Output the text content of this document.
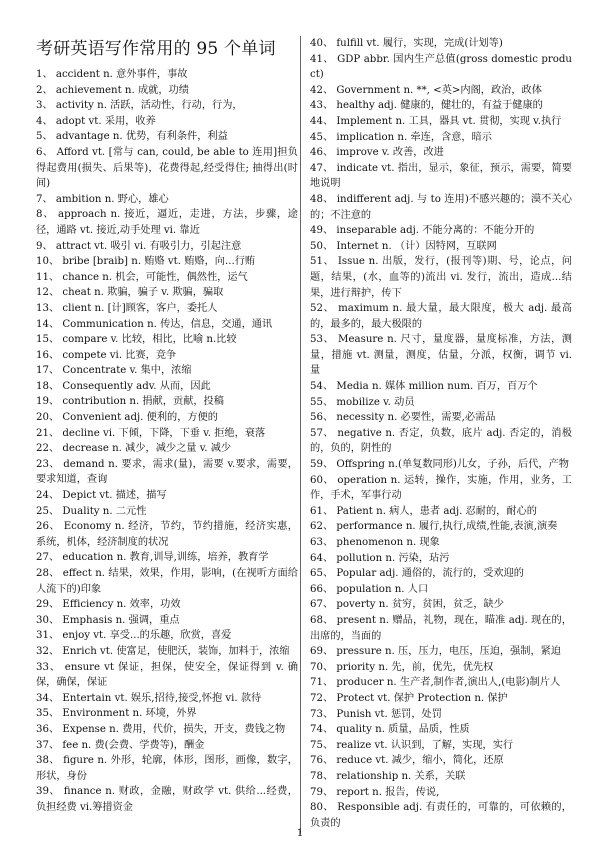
考研英语写作常用的 95 个单词

1、 accident n. 意外事件，事故

2、 achievement n. 成就，功绩

3、 activity n. 活跃，活动性，行动，行为，

4、 adopt vt. 采用，收养

5、 advantage n. 优势，有利条件，利益

6、 Afford vt. [常与 can, could, be able to 连用]担负得起费用(损失、后果等)，花费得起,经受得住; 抽得出(时间)

7、 ambition n. 野心，雄心

8、 approach n. 接近，逼近，走进，方法，步骤，途径，通路 vt. 接近,动手处理 vi. 靠近

9、 attract vt. 吸引 vi. 有吸引力，引起注意

10、 bribe [braib] n. 贿赂 vt. 贿赂，向...行贿

11、 chance n. 机会，可能性，偶然性，运气

12、 cheat n. 欺骗，骗子 v. 欺骗，骗取

13、 client n. [计]顾客，客户，委托人

14、 Communication n. 传达，信息，交通，通讯

15、 compare v. 比较，相比，比喻 n.比较

16、 compete vi. 比赛，竞争

17、 Concentrate v. 集中，浓缩

18、 Consequently adv. 从而，因此

19、 contribution n. 捐献，贡献，投稿

20、 Convenient adj. 便利的，方便的

21、 decline vi. 下倾，下降，下垂 v. 拒绝，衰落

22、 decrease n. 减少，减少之量 v. 减少

23、 demand n. 要求，需求(量)，需要 v.要求，需要，要求知道，查询

24、 Depict vt. 描述，描写

25、 Duality n. 二元性

26、 Economy n. 经济，节约，节约措施，经济实惠，系统，机体，经济制度的状况

27、 education n. 教育,训导,训练，培养，教育学

28、 effect n. 结果，效果，作用，影响，(在视听方面给人流下的)印象

29、 Efficiency n. 效率，功效

30、 Emphasis n. 强调，重点

31、 enjoy vt. 享受...的乐趣，欣赏，喜爱

32、 Enrich vt. 使富足，使肥沃，装饰，加料于，浓缩

33、 ensure vt 保证，担保，使安全，保证得到 v. 确保，确保，保证

34、 Entertain vt. 娱乐,招待,接受,怀抱 vi. 款待

35、 Environment n. 环境，外界

36、 Expense n. 费用，代价，损失，开支，费钱之物

37、 fee n. 费(会费、学费等)，酬金

38、 figure n. 外形，轮廓，体形，图形，画像，数字，形状，身份

39、 finance n. 财政，金融，财政学 vt. 供给...经费，负担经费 vi.筹措资金

40、 fulfill vt. 履行，实现，完成(计划等)

41、 GDP abbr. 国内生产总值(gross domestic product)

42、 Government n. **, <英>内阁，政治，政体

43、 healthy adj. 健康的，健壮的，有益于健康的

44、 Implement n. 工具，器具 vt. 贯彻，实现 v.执行

45、 implication n. 牵连，含意，暗示

46、 improve v. 改善，改进

47、 indicate vt. 指出，显示，象征，预示，需要，简要地说明

48、 indifferent adj. 与 to 连用)不感兴趣的；漠不关心的；不注意的

49、 inseparable adj. 不能分离的：不能分开的

50、 Internet n. （计）因特网，互联网

51、 Issue n. 出版，发行，(报刊等)期、号，论点，问题，结果，(水，血等的)流出 vi. 发行，流出，造成...结果，进行辩护，传下

52、 maximum n. 最大量，最大限度，极大 adj. 最高的，最多的，最大极限的

53、 Measure n. 尺寸，量度器，量度标准，方法，测量，措施 vt. 测量，测度，估量，分派，权衡，调节 vi. 量

54、 Media n. 媒体 million num. 百万，百万个

55、 mobilize v. 动员

56、 necessity n. 必要性，需要,必需品

57、 negative n. 否定，负数，底片 adj. 否定的，消极的，负的，阴性的

59、 Offspring n.(单复数同形)儿女，子孙，后代，产物

60、 operation n. 运转，操作，实施，作用，业务，工作，手术，军事行动

61、 Patient n. 病人，患者 adj. 忍耐的，耐心的

62、 performance n. 履行,执行,成绩,性能,表演,演奏

63、 phenomenon n. 现象

64、 pollution n. 污染，玷污

65、 Popular adj. 通俗的，流行的，受欢迎的

66、 population n. 人口

67、 poverty n. 贫穷，贫困，贫乏，缺少

68、 present n. 赠品，礼物，现在，瞄准 adj. 现在的，出席的，当面的

69、 pressure n. 压，压力，电压，压迫，强制，紧迫

70、 priority n. 先，前，优先，优先权

71、 producer n. 生产者,制作者,演出人,(电影)制片人

72、 Protect vt. 保护 Protection n. 保护

73、 Punish vt. 惩罚，处罚

74、 quality n. 质量，品质，性质

75、 realize vt. 认识到，了解，实现，实行

76、 reduce vt. 减少，缩小，简化，还原

78、 relationship n. 关系，关联

79、 report n. 报告，传说,

80、 Responsible adj. 有责任的，可靠的，可依赖的，负责的

1
